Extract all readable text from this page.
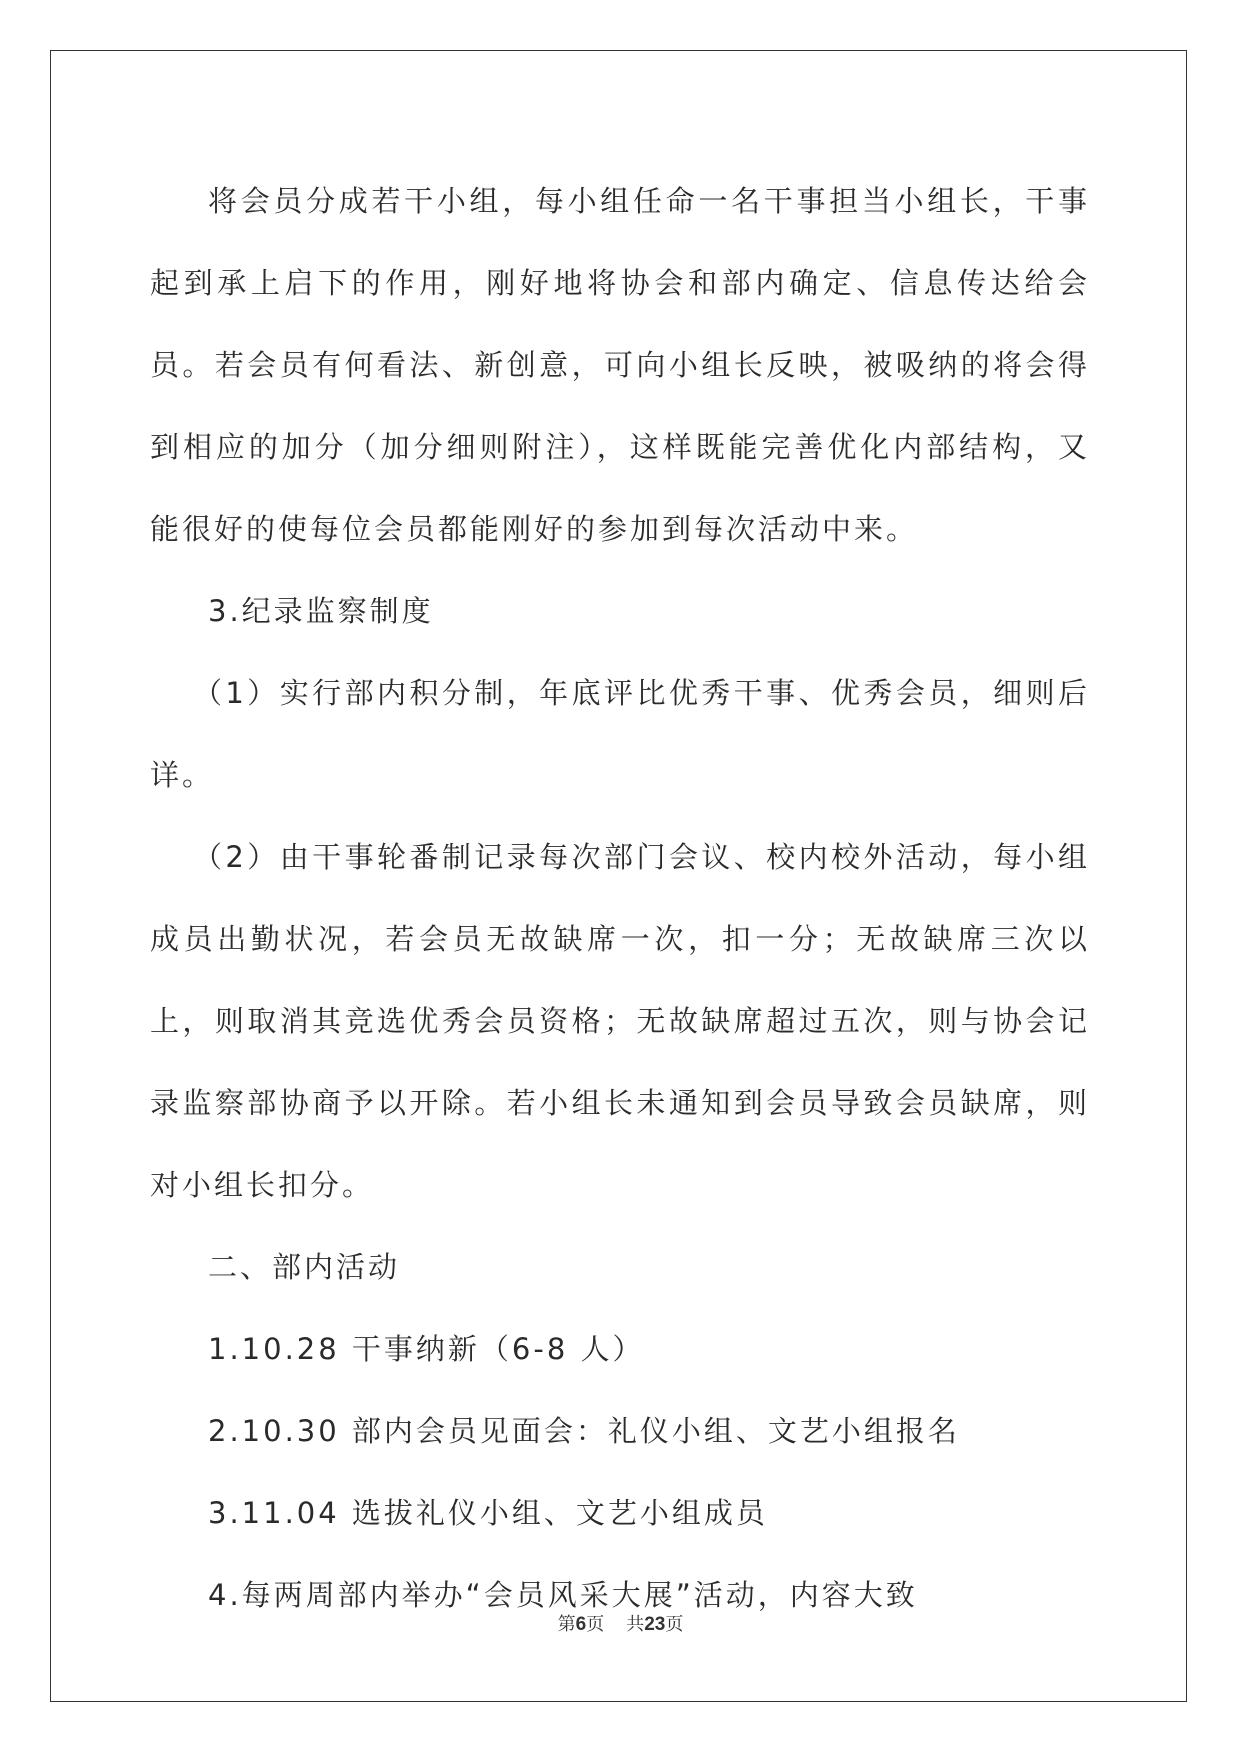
将会员分成若干小组，每小组任命一名干事担当小组长，干事起到承上启下的作用，刚好地将协会和部内确定、信息传达给会员。若会员有何看法、新创意，可向小组长反映，被吸纳的将会得到相应的加分（加分细则附注），这样既能完善优化内部结构，又能很好的使每位会员都能刚好的参加到每次活动中来。

3.纪录监察制度

（1）实行部内积分制，年底评比优秀干事、优秀会员，细则后详。

（2）由干事轮番制记录每次部门会议、校内校外活动，每小组成员出勤状况，若会员无故缺席一次，扣一分；无故缺席三次以上，则取消其竞选优秀会员资格；无故缺席超过五次，则与协会记录监察部协商予以开除。若小组长未通知到会员导致会员缺席，则对小组长扣分。

二、部内活动

1.10.28 干事纳新（6-8 人）

2.10.30 部内会员见面会：礼仪小组、文艺小组报名

3.11.04 选拔礼仪小组、文艺小组成员

4.每两周部内举办“会员风采大展”活动，内容大致

第6页 共23页
